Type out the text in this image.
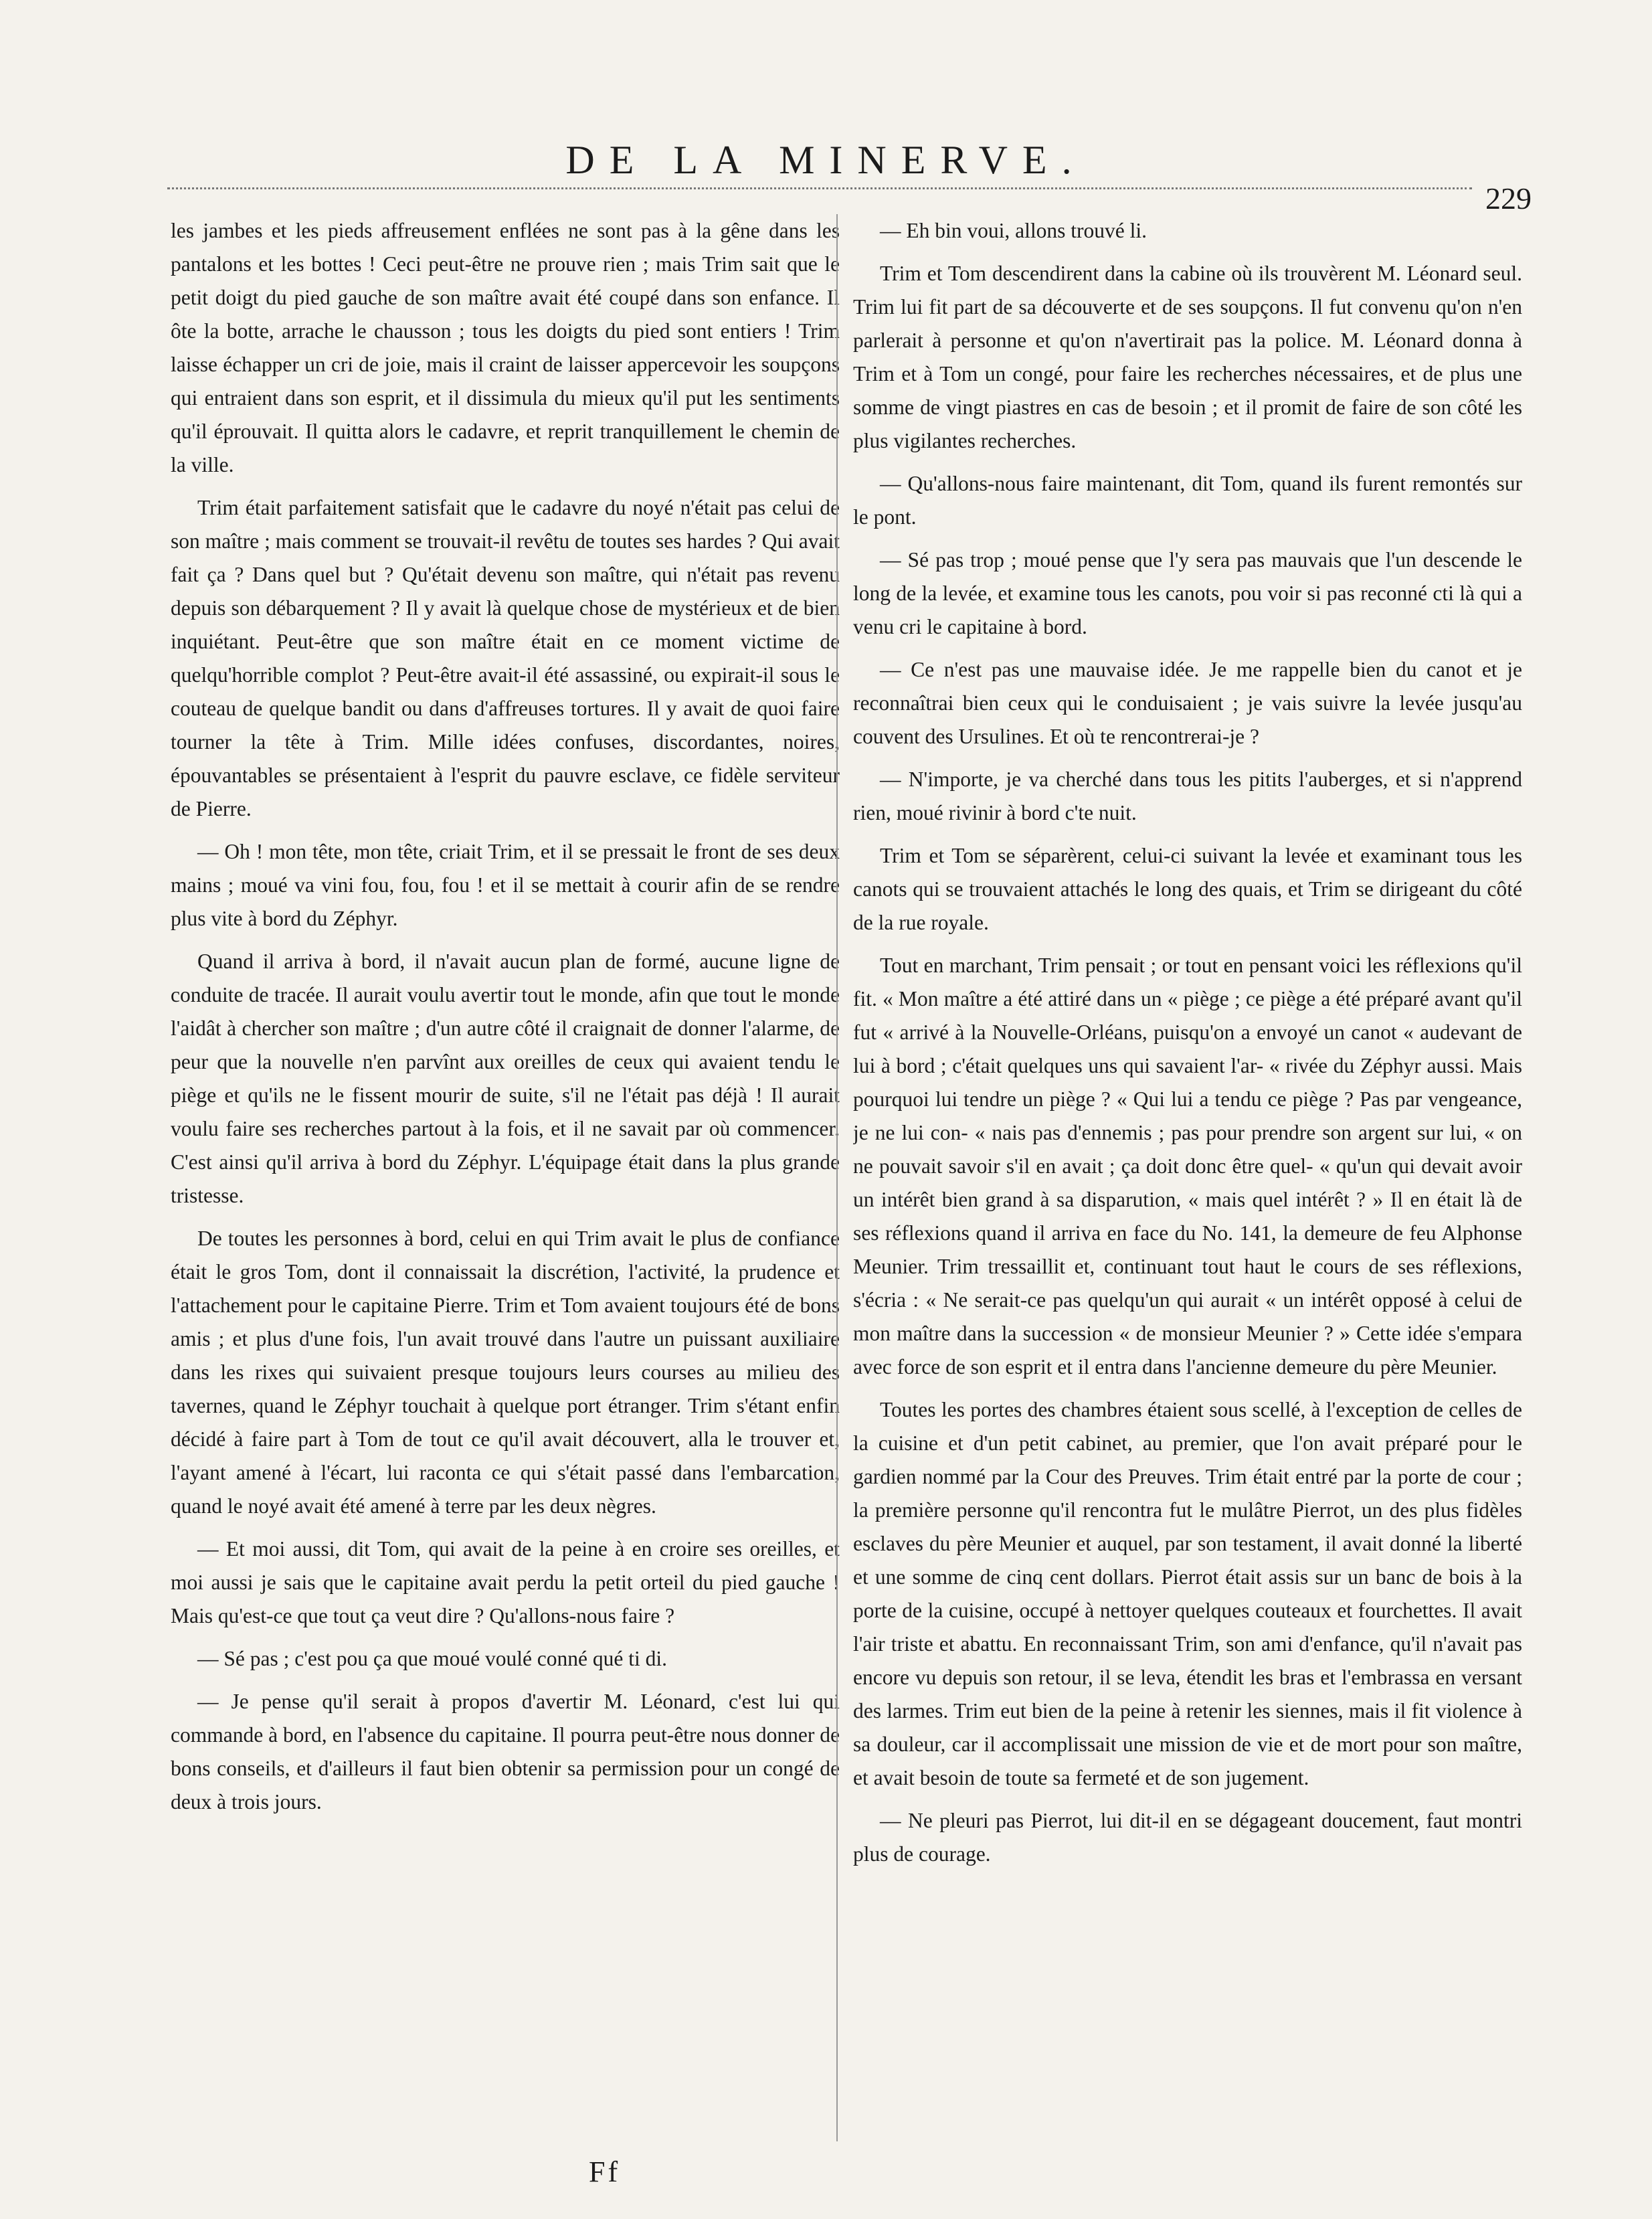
DE LA MINERVE.
229

les jambes et les pieds affreusement enflées ne sont pas à la gêne dans les pantalons et les bottes ! Ceci peut-être ne prouve rien ; mais Trim sait que le petit doigt du pied gauche de son maître avait été coupé dans son enfance. Il ôte la botte, arrache le chausson ; tous les doigts du pied sont entiers ! Trim laisse échapper un cri de joie, mais il craint de laisser appercevoir les soupçons qui entraient dans son esprit, et il dissimula du mieux qu'il put les sentiments qu'il éprouvait. Il quitta alors le cadavre, et reprit tranquillement le chemin de la ville.

Trim était parfaitement satisfait que le cadavre du noyé n'était pas celui de son maître ; mais comment se trouvait-il revêtu de toutes ses hardes ? Qui avait fait ça ? Dans quel but ? Qu'était devenu son maître, qui n'était pas revenu depuis son débarquement ? Il y avait là quelque chose de mystérieux et de bien inquiétant. Peut-être que son maître était en ce moment victime de quelqu'horrible complot ? Peut-être avait-il été assassiné, ou expirait-il sous le couteau de quelque bandit ou dans d'affreuses tortures. Il y avait de quoi faire tourner la tête à Trim. Mille idées confuses, discordantes, noires, épouvantables se présentaient à l'esprit du pauvre esclave, ce fidèle serviteur de Pierre.

— Oh ! mon tête, mon tête, criait Trim, et il se pressait le front de ses deux mains ; moué va vini fou, fou, fou ! et il se mettait à courir afin de se rendre plus vite à bord du Zéphyr.

Quand il arriva à bord, il n'avait aucun plan de formé, aucune ligne de conduite de tracée. Il aurait voulu avertir tout le monde, afin que tout le monde l'aidât à chercher son maître ; d'un autre côté il craignait de donner l'alarme, de peur que la nouvelle n'en parvînt aux oreilles de ceux qui avaient tendu le piège et qu'ils ne le fissent mourir de suite, s'il ne l'était pas déjà ! Il aurait voulu faire ses recherches partout à la fois, et il ne savait par où commencer. C'est ainsi qu'il arriva à bord du Zéphyr. L'équipage était dans la plus grande tristesse.

De toutes les personnes à bord, celui en qui Trim avait le plus de confiance était le gros Tom, dont il connaissait la discrétion, l'activité, la prudence et l'attachement pour le capitaine Pierre. Trim et Tom avaient toujours été de bons amis ; et plus d'une fois, l'un avait trouvé dans l'autre un puissant auxiliaire dans les rixes qui suivaient presque toujours leurs courses au milieu des tavernes, quand le Zéphyr touchait à quelque port étranger. Trim s'étant enfin décidé à faire part à Tom de tout ce qu'il avait découvert, alla le trouver et, l'ayant amené à l'écart, lui raconta ce qui s'était passé dans l'embarcation, quand le noyé avait été amené à terre par les deux nègres.

— Et moi aussi, dit Tom, qui avait de la peine à en croire ses oreilles, et moi aussi je sais que le capitaine avait perdu la petit orteil du pied gauche ! Mais qu'est-ce que tout ça veut dire ? Qu'allons-nous faire ?

— Sé pas ; c'est pou ça que moué voulé conné qué ti di.

— Je pense qu'il serait à propos d'avertir M. Léonard, c'est lui qui commande à bord, en l'absence du capitaine. Il pourra peut-être nous donner de bons conseils, et d'ailleurs il faut bien obtenir sa permission pour un congé de deux à trois jours.

— Eh bin voui, allons trouvé li.

Trim et Tom descendirent dans la cabine où ils trouvèrent M. Léonard seul. Trim lui fit part de sa découverte et de ses soupçons. Il fut convenu qu'on n'en parlerait à personne et qu'on n'avertirait pas la police. M. Léonard donna à Trim et à Tom un congé, pour faire les recherches nécessaires, et de plus une somme de vingt piastres en cas de besoin ; et il promit de faire de son côté les plus vigilantes recherches.

— Qu'allons-nous faire maintenant, dit Tom, quand ils furent remontés sur le pont.

— Sé pas trop ; moué pense que l'y sera pas mauvais que l'un descende le long de la levée, et examine tous les canots, pou voir si pas reconné cti là qui a venu cri le capitaine à bord.

— Ce n'est pas une mauvaise idée. Je me rappelle bien du canot et je reconnaîtrai bien ceux qui le conduisaient ; je vais suivre la levée jusqu'au couvent des Ursulines. Et où te rencontrerai-je ?

— N'importe, je va cherché dans tous les pitits l'auberges, et si n'apprend rien, moué rivinir à bord c'te nuit.

Trim et Tom se séparèrent, celui-ci suivant la levée et examinant tous les canots qui se trouvaient attachés le long des quais, et Trim se dirigeant du côté de la rue royale.

Tout en marchant, Trim pensait ; or tout en pensant voici les réflexions qu'il fit. « Mon maître a été attiré dans un « piège ; ce piège a été préparé avant qu'il fut « arrivé à la Nouvelle-Orléans, puisqu'on a envoyé un canot « audevant de lui à bord ; c'était quelques uns qui savaient l'ar- « rivée du Zéphyr aussi. Mais pourquoi lui tendre un piège ? « Qui lui a tendu ce piège ? Pas par vengeance, je ne lui con- « nais pas d'ennemis ; pas pour prendre son argent sur lui, « on ne pouvait savoir s'il en avait ; ça doit donc être quel- « qu'un qui devait avoir un intérêt bien grand à sa disparution, « mais quel intérêt ? » Il en était là de ses réflexions quand il arriva en face du No. 141, la demeure de feu Alphonse Meunier. Trim tressaillit et, continuant tout haut le cours de ses réflexions, s'écria : « Ne serait-ce pas quelqu'un qui aurait « un intérêt opposé à celui de mon maître dans la succession « de monsieur Meunier ? » Cette idée s'empara avec force de son esprit et il entra dans l'ancienne demeure du père Meunier.

Toutes les portes des chambres étaient sous scellé, à l'exception de celles de la cuisine et d'un petit cabinet, au premier, que l'on avait préparé pour le gardien nommé par la Cour des Preuves. Trim était entré par la porte de cour ; la première personne qu'il rencontra fut le mulâtre Pierrot, un des plus fidèles esclaves du père Meunier et auquel, par son testament, il avait donné la liberté et une somme de cinq cent dollars. Pierrot était assis sur un banc de bois à la porte de la cuisine, occupé à nettoyer quelques couteaux et fourchettes. Il avait l'air triste et abattu. En reconnaissant Trim, son ami d'enfance, qu'il n'avait pas encore vu depuis son retour, il se leva, étendit les bras et l'embrassa en versant des larmes. Trim eut bien de la peine à retenir les siennes, mais il fit violence à sa douleur, car il accomplissait une mission de vie et de mort pour son maître, et avait besoin de toute sa fermeté et de son jugement.

— Ne pleuri pas Pierrot, lui dit-il en se dégageant doucement, faut montri plus de courage.

Ff
